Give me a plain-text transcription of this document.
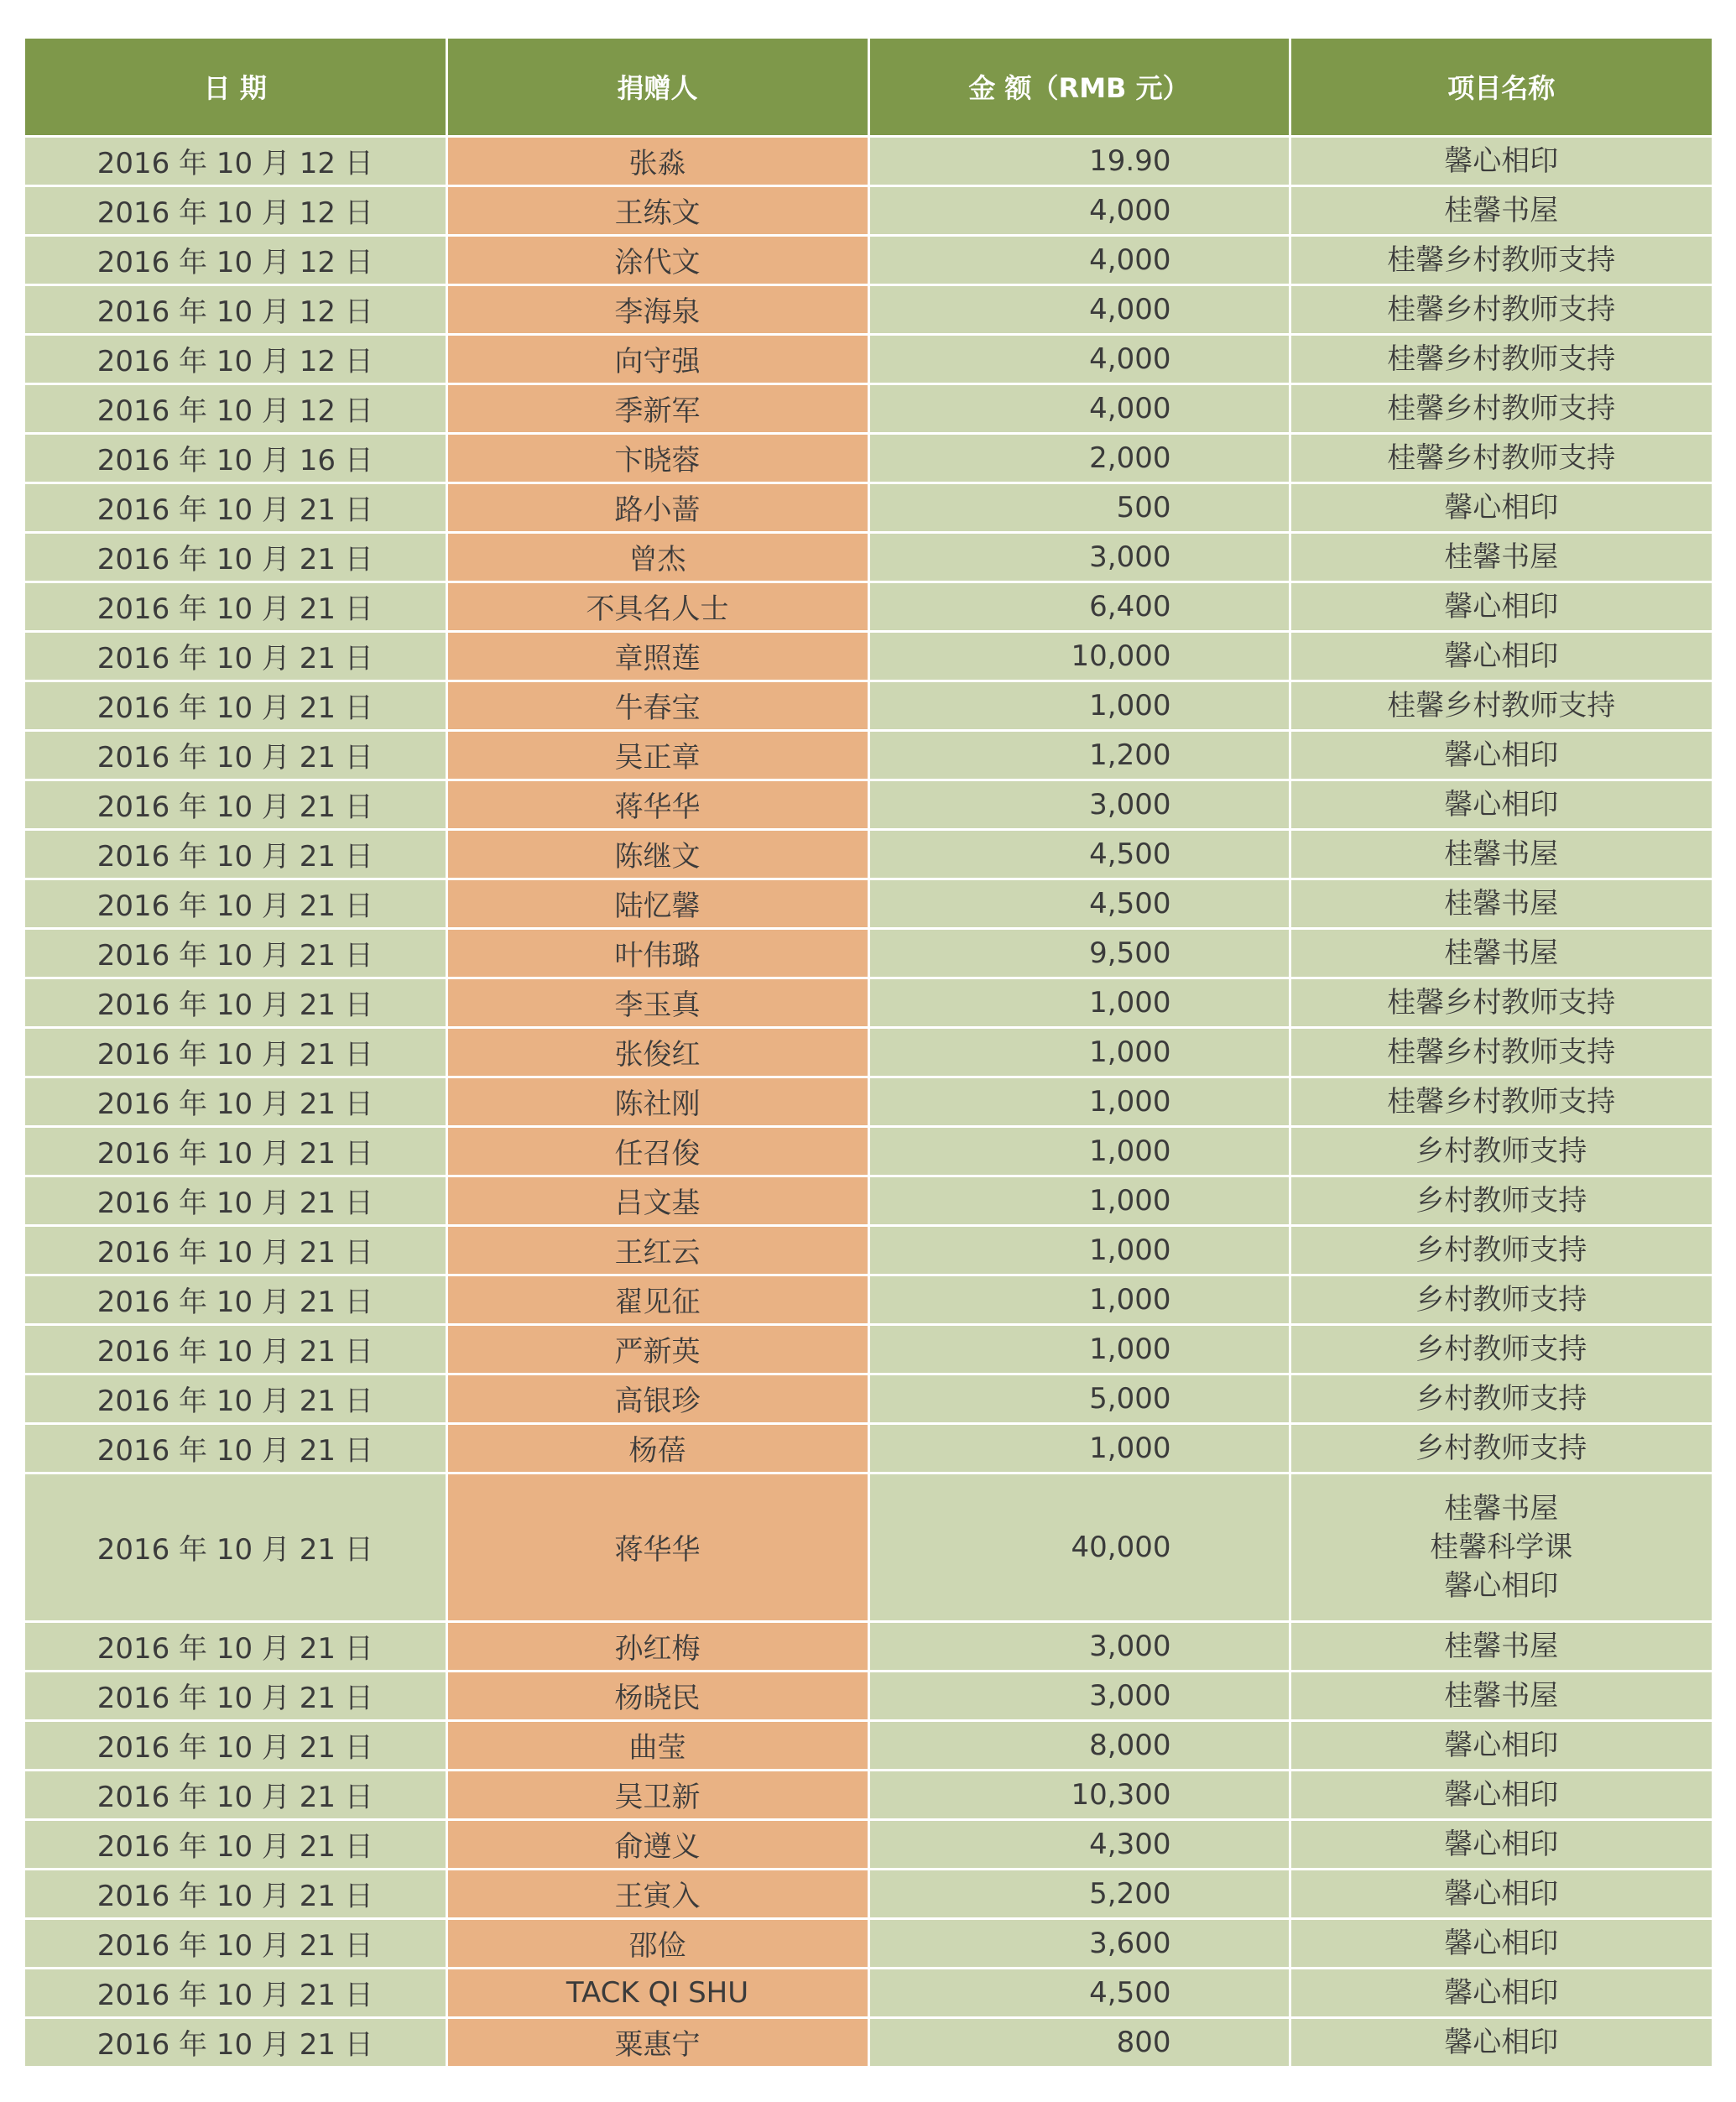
日 期	捐赠人	金 额（RMB 元）	项目名称
2016 年 10 月 12 日	张淼	19.90	馨心相印

2016 年 10 月 12 日	王练文	4,000	桂馨书屋

2016 年 10 月 12 日	涂代文	4,000	桂馨乡村教师支持

2016 年 10 月 12 日	李海泉	4,000	桂馨乡村教师支持

2016 年 10 月 12 日	向守强	4,000	桂馨乡村教师支持

2016 年 10 月 12 日	季新军	4,000	桂馨乡村教师支持

2016 年 10 月 16 日	卞晓蓉	2,000	桂馨乡村教师支持

2016 年 10 月 21 日	路小蔷	500	馨心相印

2016 年 10 月 21 日	曾杰	3,000	桂馨书屋

2016 年 10 月 21 日	不具名人士	6,400	馨心相印

2016 年 10 月 21 日	章照莲	10,000	馨心相印

2016 年 10 月 21 日	牛春宝	1,000	桂馨乡村教师支持

2016 年 10 月 21 日	吴正章	1,200	馨心相印

2016 年 10 月 21 日	蒋华华	3,000	馨心相印

2016 年 10 月 21 日	陈继文	4,500	桂馨书屋

2016 年 10 月 21 日	陆忆馨	4,500	桂馨书屋

2016 年 10 月 21 日	叶伟璐	9,500	桂馨书屋

2016 年 10 月 21 日	李玉真	1,000	桂馨乡村教师支持

2016 年 10 月 21 日	张俊红	1,000	桂馨乡村教师支持

2016 年 10 月 21 日	陈社刚	1,000	桂馨乡村教师支持

2016 年 10 月 21 日	任召俊	1,000	乡村教师支持

2016 年 10 月 21 日	吕文基	1,000	乡村教师支持

2016 年 10 月 21 日	王红云	1,000	乡村教师支持

2016 年 10 月 21 日	翟见征	1,000	乡村教师支持

2016 年 10 月 21 日	严新英	1,000	乡村教师支持

2016 年 10 月 21 日	高银珍	5,000	乡村教师支持

2016 年 10 月 21 日	杨蓓	1,000	乡村教师支持

2016 年 10 月 21 日	蒋华华	40,000	桂馨书屋
桂馨科学课
馨心相印

2016 年 10 月 21 日	孙红梅	3,000	桂馨书屋

2016 年 10 月 21 日	杨晓民	3,000	桂馨书屋

2016 年 10 月 21 日	曲莹	8,000	馨心相印

2016 年 10 月 21 日	吴卫新	10,300	馨心相印

2016 年 10 月 21 日	俞遵义	4,300	馨心相印

2016 年 10 月 21 日	王寅入	5,200	馨心相印

2016 年 10 月 21 日	邵俭	3,600	馨心相印

2016 年 10 月 21 日	TACK QI SHU	4,500	馨心相印

2016 年 10 月 21 日	粟惠宁	800	馨心相印
